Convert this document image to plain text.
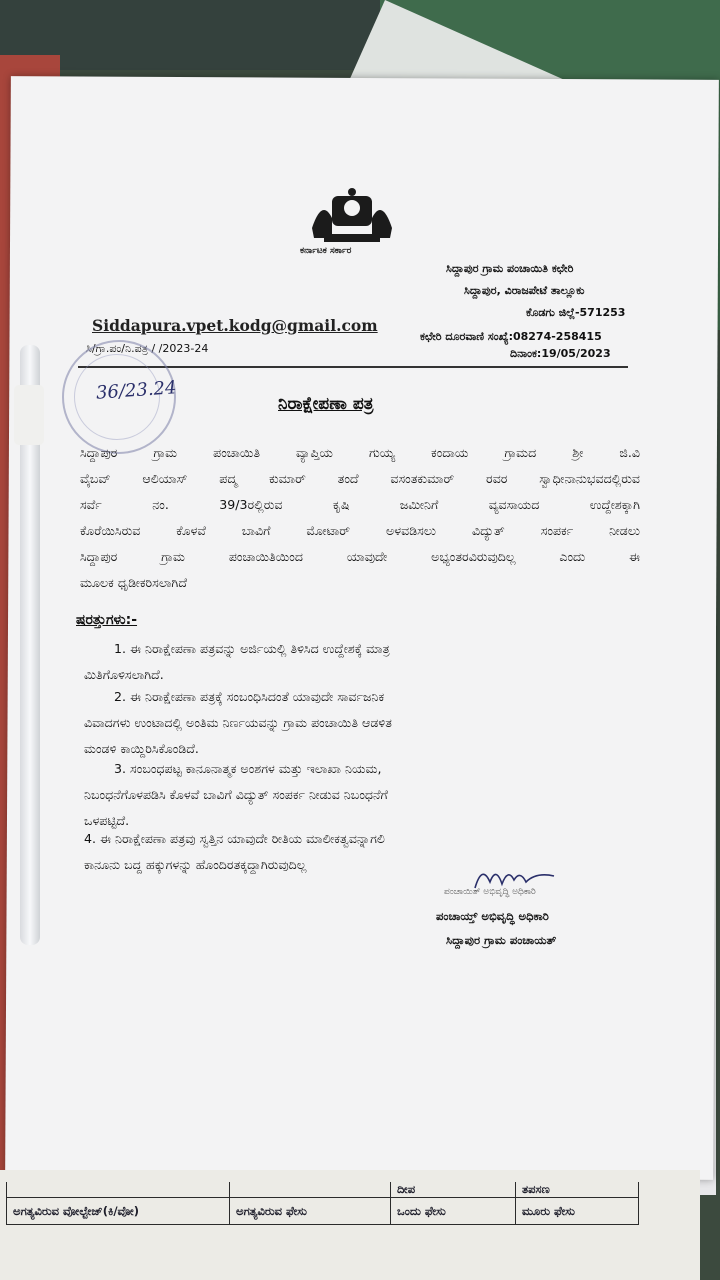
ಕರ್ನಾಟಕ ಸರ್ಕಾರ
ಸಿದ್ದಾಪುರ ಗ್ರಾಮ ಪಂಚಾಯಿತಿ ಕಛೇರಿ
ಸಿದ್ದಾಪುರ, ವಿರಾಜಪೇಟೆ ತಾಲ್ಲೂಕು
ಕೊಡಗು ಜಿಲ್ಲೆ-571253
Siddapura.vpet.kodg@gmail.com
ಕಛೇರಿ ದೂರವಾಣಿ ಸಂಖ್ಯೆ:08274-258415
ಸಿ/ಗ್ರಾ.ಪಂ/ನಿ.ಪತ್ರ / /2023-24	ದಿನಾಂಕ:19/05/2023
36/23.24
ನಿರಾಕ್ಷೇಪಣಾ ಪತ್ರ
ಸಿದ್ದಾಪುರ ಗ್ರಾಮ ಪಂಚಾಯಿತಿ ವ್ಯಾಪ್ತಿಯ ಗುಯ್ಯ ಕಂದಾಯ ಗ್ರಾಮದ ಶ್ರೀ ಜಿ.ವಿ
ವೈಬವ್ ಆಲಿಯಾಸ್ ಪದ್ಮ ಕುಮಾರ್ ತಂದೆ ವಸಂತಕುಮಾರ್ ರವರ ಸ್ವಾಧೀನಾನುಭವದಲ್ಲಿರುವ
ಸರ್ವೆ ನಂ. 39/3ರಲ್ಲಿರುವ ಕೃಷಿ ಜಮೀನಿಗೆ ವ್ಯವಸಾಯದ ಉದ್ದೇಶಕ್ಕಾಗಿ
ಕೊರೆಯಿಸಿರುವ ಕೊಳವೆ ಬಾವಿಗೆ ಮೋಟಾರ್ ಅಳವಡಿಸಲು ವಿದ್ಯುತ್ ಸಂಪರ್ಕ ನೀಡಲು
ಸಿದ್ದಾಪುರ ಗ್ರಾಮ ಪಂಚಾಯಿತಿಯಿಂದ ಯಾವುದೇ ಅಭ್ಯಂತರವಿರುವುದಿಲ್ಲ ಎಂದು ಈ
ಮೂಲಕ ಧೃಡೀಕರಿಸಲಾಗಿದೆ
ಷರತ್ತುಗಳು:-
1. ಈ ನಿರಾಕ್ಷೇಪಣಾ ಪತ್ರವನ್ನು ಅರ್ಜಿಯಲ್ಲಿ ತಿಳಿಸಿದ ಉದ್ದೇಶಕ್ಕೆ ಮಾತ್ರ
ಮಿತಿಗೊಳಿಸಲಾಗಿದೆ.
2. ಈ ನಿರಾಕ್ಷೇಪಣಾ ಪತ್ರಕ್ಕೆ ಸಂಬಂಧಿಸಿದಂತೆ ಯಾವುದೇ ಸಾರ್ವಜನಿಕ
ವಿವಾದಗಳು ಉಂಟಾದಲ್ಲಿ ಅಂತಿಮ ನಿರ್ಣಯವನ್ನು ಗ್ರಾಮ ಪಂಚಾಯಿತಿ ಆಡಳಿತ
ಮಂಡಳಿ ಕಾಯ್ದಿರಿಸಿಕೊಂಡಿದೆ.
3. ಸಂಬಂಧಪಟ್ಟ ಕಾನೂನಾತ್ಮಕ ಅಂಶಗಳ ಮತ್ತು ಇಲಾಖಾ ನಿಯಮ,
ನಿಬಂಧನೆಗೊಳಪಡಿಸಿ ಕೊಳವೆ ಬಾವಿಗೆ ವಿದ್ಯುತ್ ಸಂಪರ್ಕ ನೀಡುವ ನಿಬಂಧನೆಗೆ
ಒಳಪಟ್ಟಿದೆ.
4. ಈ ನಿರಾಕ್ಷೇಪಣಾ ಪತ್ರವು ಸ್ವತ್ತಿನ ಯಾವುದೇ ರೀತಿಯ ಮಾಲೀಕತ್ವವನ್ನಾಗಲಿ
ಕಾನೂನು ಬದ್ದ ಹಕ್ಕುಗಳನ್ನು ಹೊಂದಿರತಕ್ಕದ್ದಾಗಿರುವುದಿಲ್ಲ
ಪಂಚಾಯಿತ್ ಅಭಿವೃದ್ಧಿ ಅಧಿಕಾರಿ
ಪಂಚಾಯ್ತ್ ಅಭಿವೃದ್ಧಿ ಅಧಿಕಾರಿ
ಸಿದ್ದಾಪುರ ಗ್ರಾಮ ಪಂಚಾಯತ್
		ದೀಪ	ತಪಸಣ
ಅಗತ್ಯವಿರುವ ವೋಲ್ಟೇಜ್(ಕಿ/ವೋ)	ಅಗತ್ಯವಿರುವ ಫೇಸು	ಒಂದು ಫೇಸು	ಮೂರು ಫೇಸು
